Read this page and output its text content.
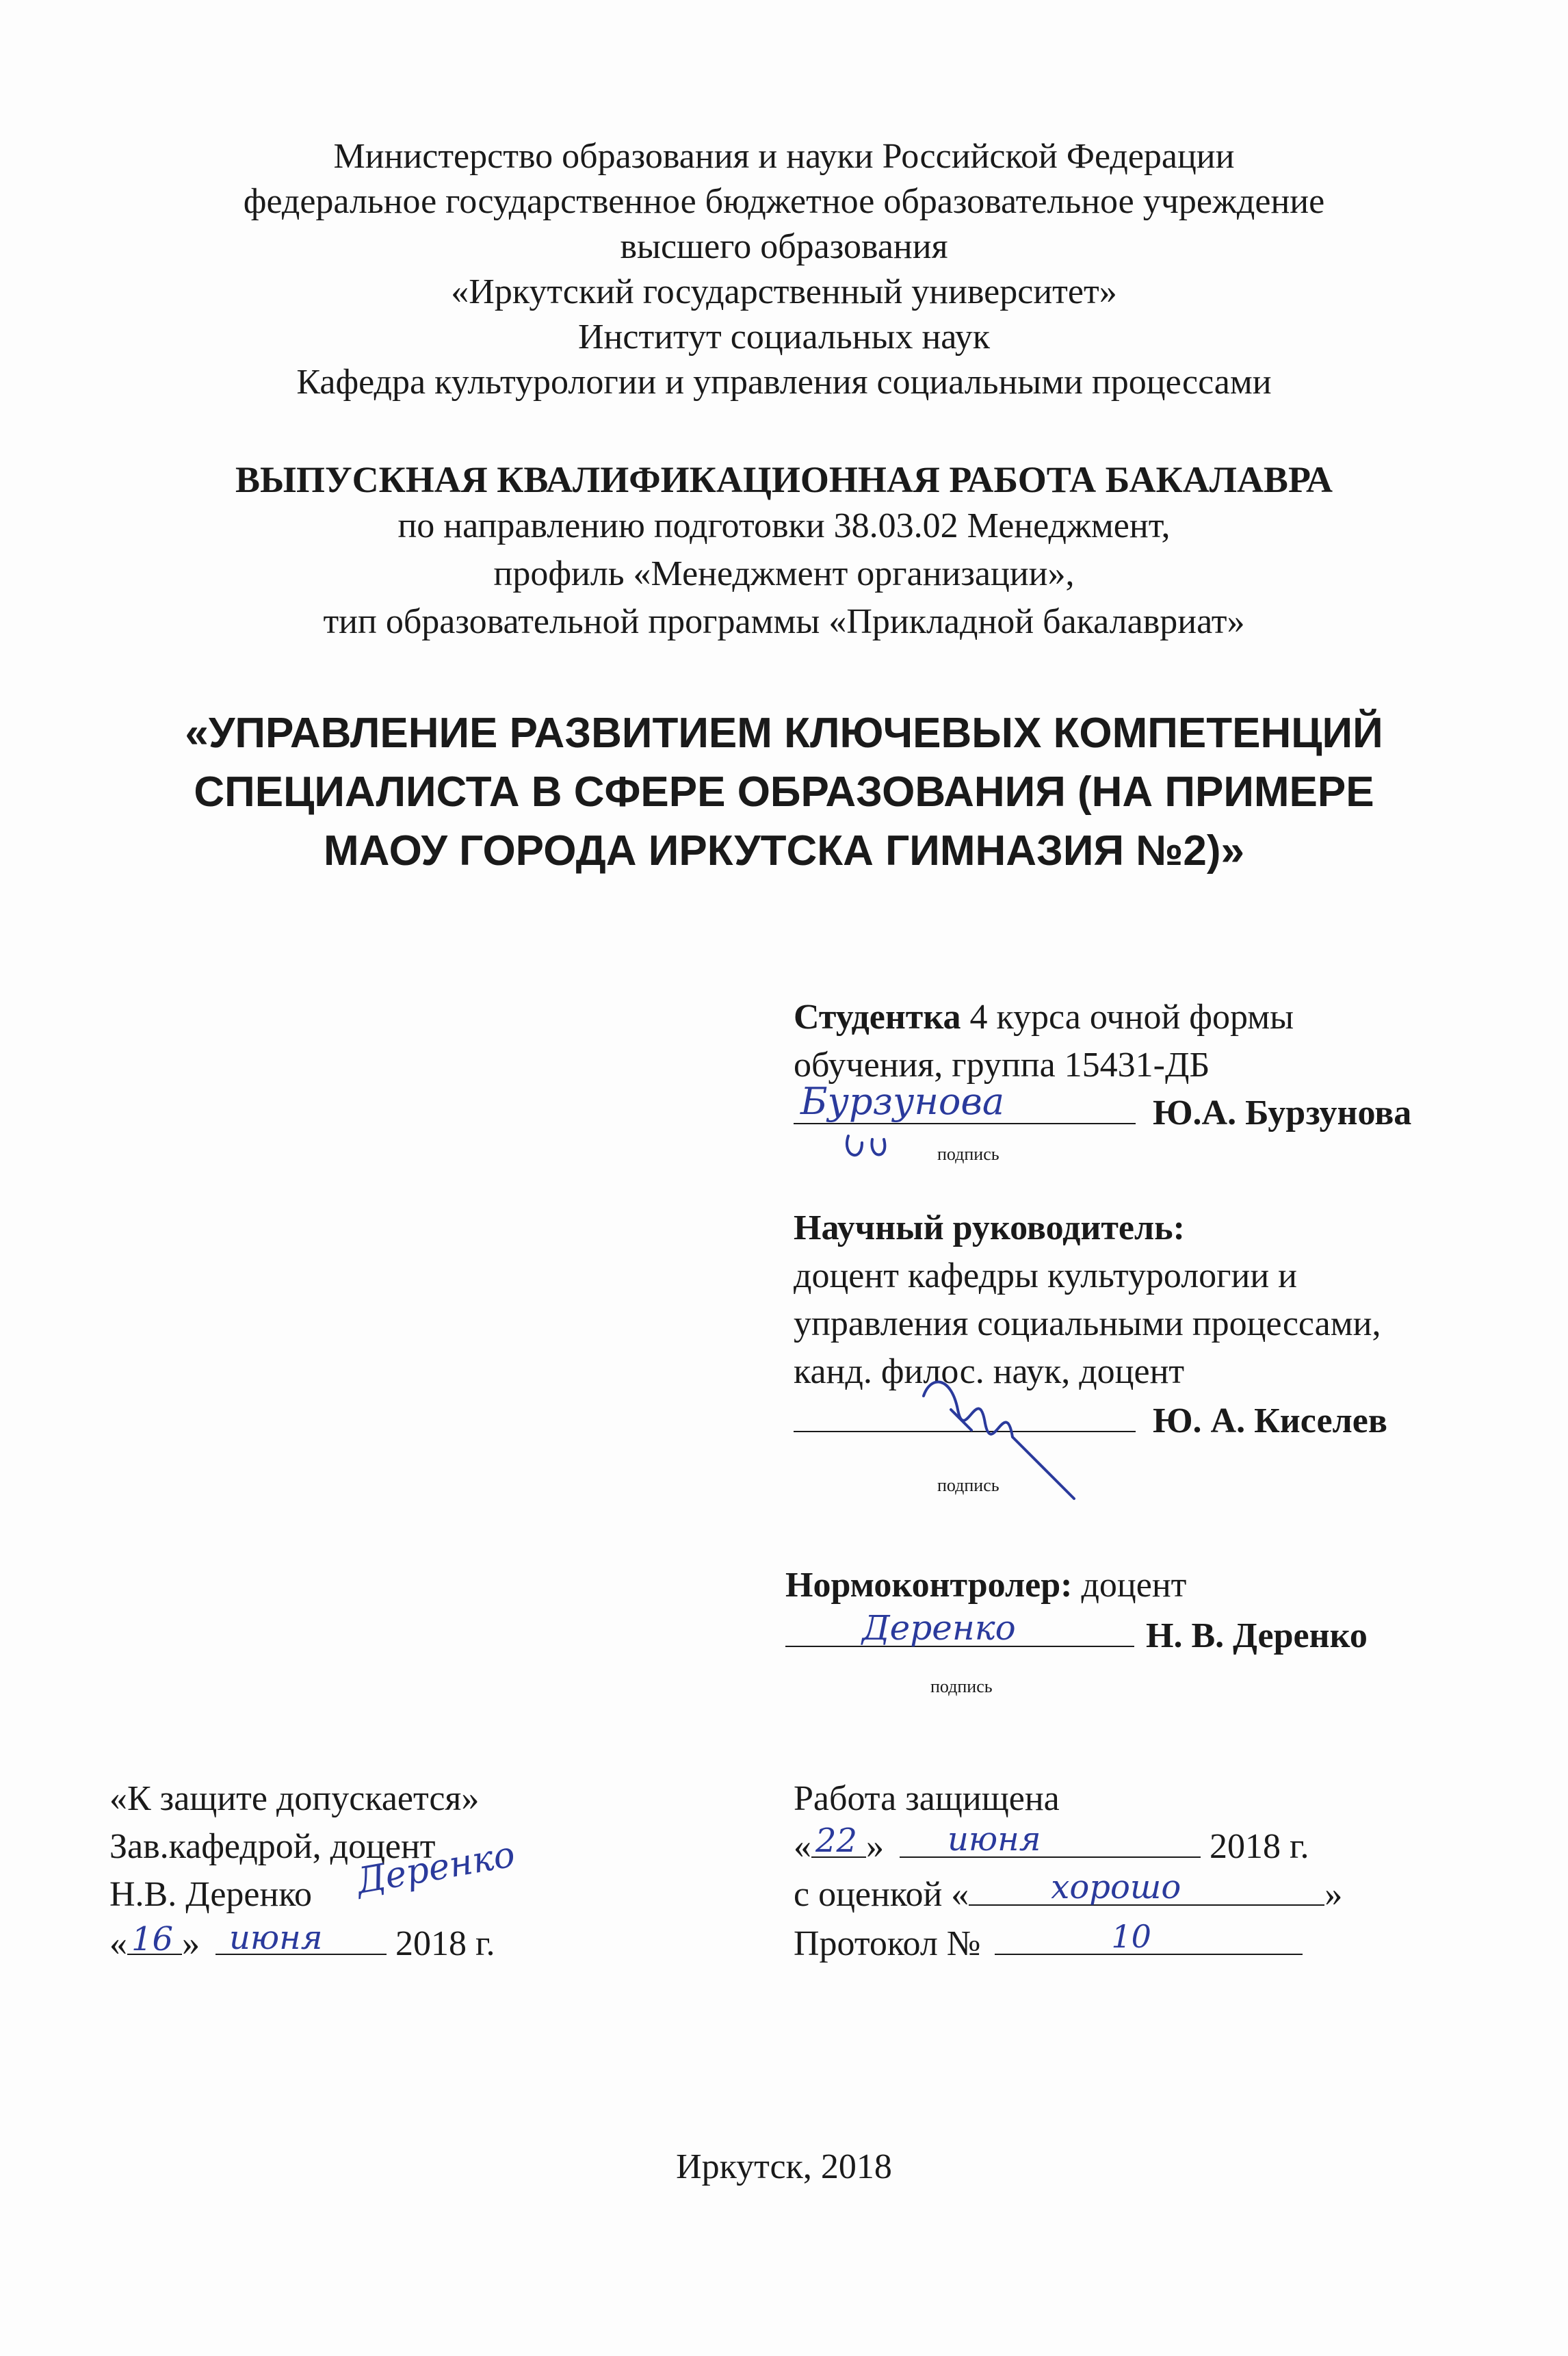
Министерство образования и науки Российской Федерации
федеральное государственное бюджетное образовательное учреждение
высшего образования
«Иркутский государственный университет»
Институт социальных наук
Кафедра культурологии и управления социальными процессами
ВЫПУСКНАЯ КВАЛИФИКАЦИОННАЯ РАБОТА БАКАЛАВРА
по направлению подготовки 38.03.02 Менеджмент,
профиль «Менеджмент организации»,
тип образовательной программы «Прикладной бакалавриат»
«УПРАВЛЕНИЕ РАЗВИТИЕМ КЛЮЧЕВЫХ КОМПЕТЕНЦИЙ
СПЕЦИАЛИСТА В СФЕРЕ ОБРАЗОВАНИЯ (НА ПРИМЕРЕ
МАОУ ГОРОДА ИРКУТСКА ГИМНАЗИЯ №2)»
Студентка 4 курса очной формы
обучения, группа 15431-ДБ
Ю.А. Бурзунова
Бурзунова
подпись
Научный руководитель:
доцент кафедры культурологии и
управления социальными процессами,
канд. филос. наук, доцент
Ю. А. Киселев
подпись
Нормоконтролер: доцент
Н. В. Деренко
Деренко
подпись
«К защите допускается»
Зав.кафедрой, доцент
Н.В. Деренко Деренко
« 16 » июня 2018 г.
Работа защищена
« 22 » июня	2018 г.
с оценкой «	хорошо	»
Протокол №	10
Иркутск, 2018
